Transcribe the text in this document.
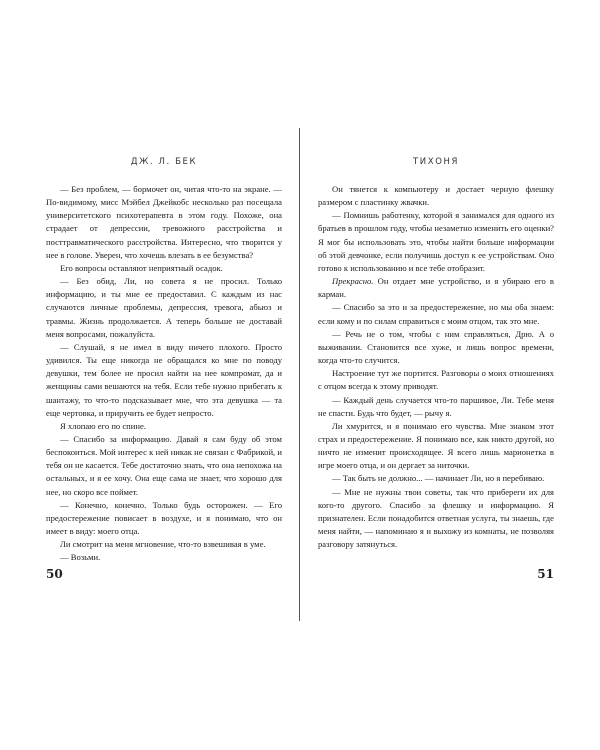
ДЖ. Л. БЕК

— Без проблем, — бормочет он, читая что-то на экране. — По-видимому, мисс Мэйбел Джейкобс несколько раз посещала университетского психотерапевта в этом году. Похоже, она страдает от депрессии, тревожного расстройства и посттравматического расстройства. Интересно, что творится у нее в голове. Уверен, что хочешь влезать в ее безумства?

Его вопросы оставляют неприятный осадок.

— Без обид, Ли, но совета я не просил. Только информацию, и ты мне ее предоставил. С каждым из нас случаются личные проблемы, депрессия, тревога, абьюз и травмы. Жизнь продолжается. А теперь больше не доставай меня вопросами, пожалуйста.

— Слушай, я не имел в виду ничего плохого. Просто удивился. Ты еще никогда не обращался ко мне по поводу девушки, тем более не просил найти на нее компромат, да и женщины сами вешаются на тебя. Если тебе нужно прибегать к шантажу, то что-то подсказывает мне, что эта девушка — та еще чертовка, и приручить ее будет непросто.

Я хлопаю его по спине.

— Спасибо за информацию. Давай я сам буду об этом беспокоиться. Мой интерес к ней никак не связан с Фабрикой, и тебя он не касается. Тебе достаточно знать, что она непохожа на остальных, и я ее хочу. Она еще сама не знает, что хорошо для нее, но скоро все поймет.

— Конечно, конечно. Только будь осторожен. — Его предостережение повисает в воздухе, и я понимаю, что он имеет в виду: моего отца.

Ли смотрит на меня мгновение, что-то взвешивая в уме.

— Возьми.

50
ТИХОНЯ

Он тянется к компьютеру и достает черную флешку размером с пластинку жвачки.

— Помнишь работенку, которой я занимался для одного из братьев в прошлом году, чтобы незаметно изменить его оценки? Я мог бы использовать это, чтобы найти больше информации об этой девчонке, если получишь доступ к ее устройствам. Оно готово к использованию и все тебе отобразит.

Прекрасно. Он отдает мне устройство, и я убираю его в карман.

— Спасибо за это и за предостережение, но мы оба знаем: если кому и по силам справиться с моим отцом, так это мне.

— Речь не о том, чтобы с ним справляться, Дрю. А о выживании. Становится все хуже, и лишь вопрос времени, когда что-то случится.

Настроение тут же портится. Разговоры о моих отношениях с отцом всегда к этому приводят.

— Каждый день случается что-то паршивое, Ли. Тебе меня не спасти. Будь что будет, — рычу я.

Ли хмурится, и я понимаю его чувства. Мне знаком этот страх и предостережение. Я понимаю все, как никто другой, но ничто не изменит происходящее. Я всего лишь марионетка в игре моего отца, и он дергает за ниточки.

— Так быть не должно... — начинает Ли, но я перебиваю.

— Мне не нужны твои советы, так что прибереги их для кого-то другого. Спасибо за флешку и информацию. Я признателен. Если понадобится ответная услуга, ты знаешь, где меня найти, — напоминаю я и выхожу из комнаты, не позволяя разговору затянуться.

51
